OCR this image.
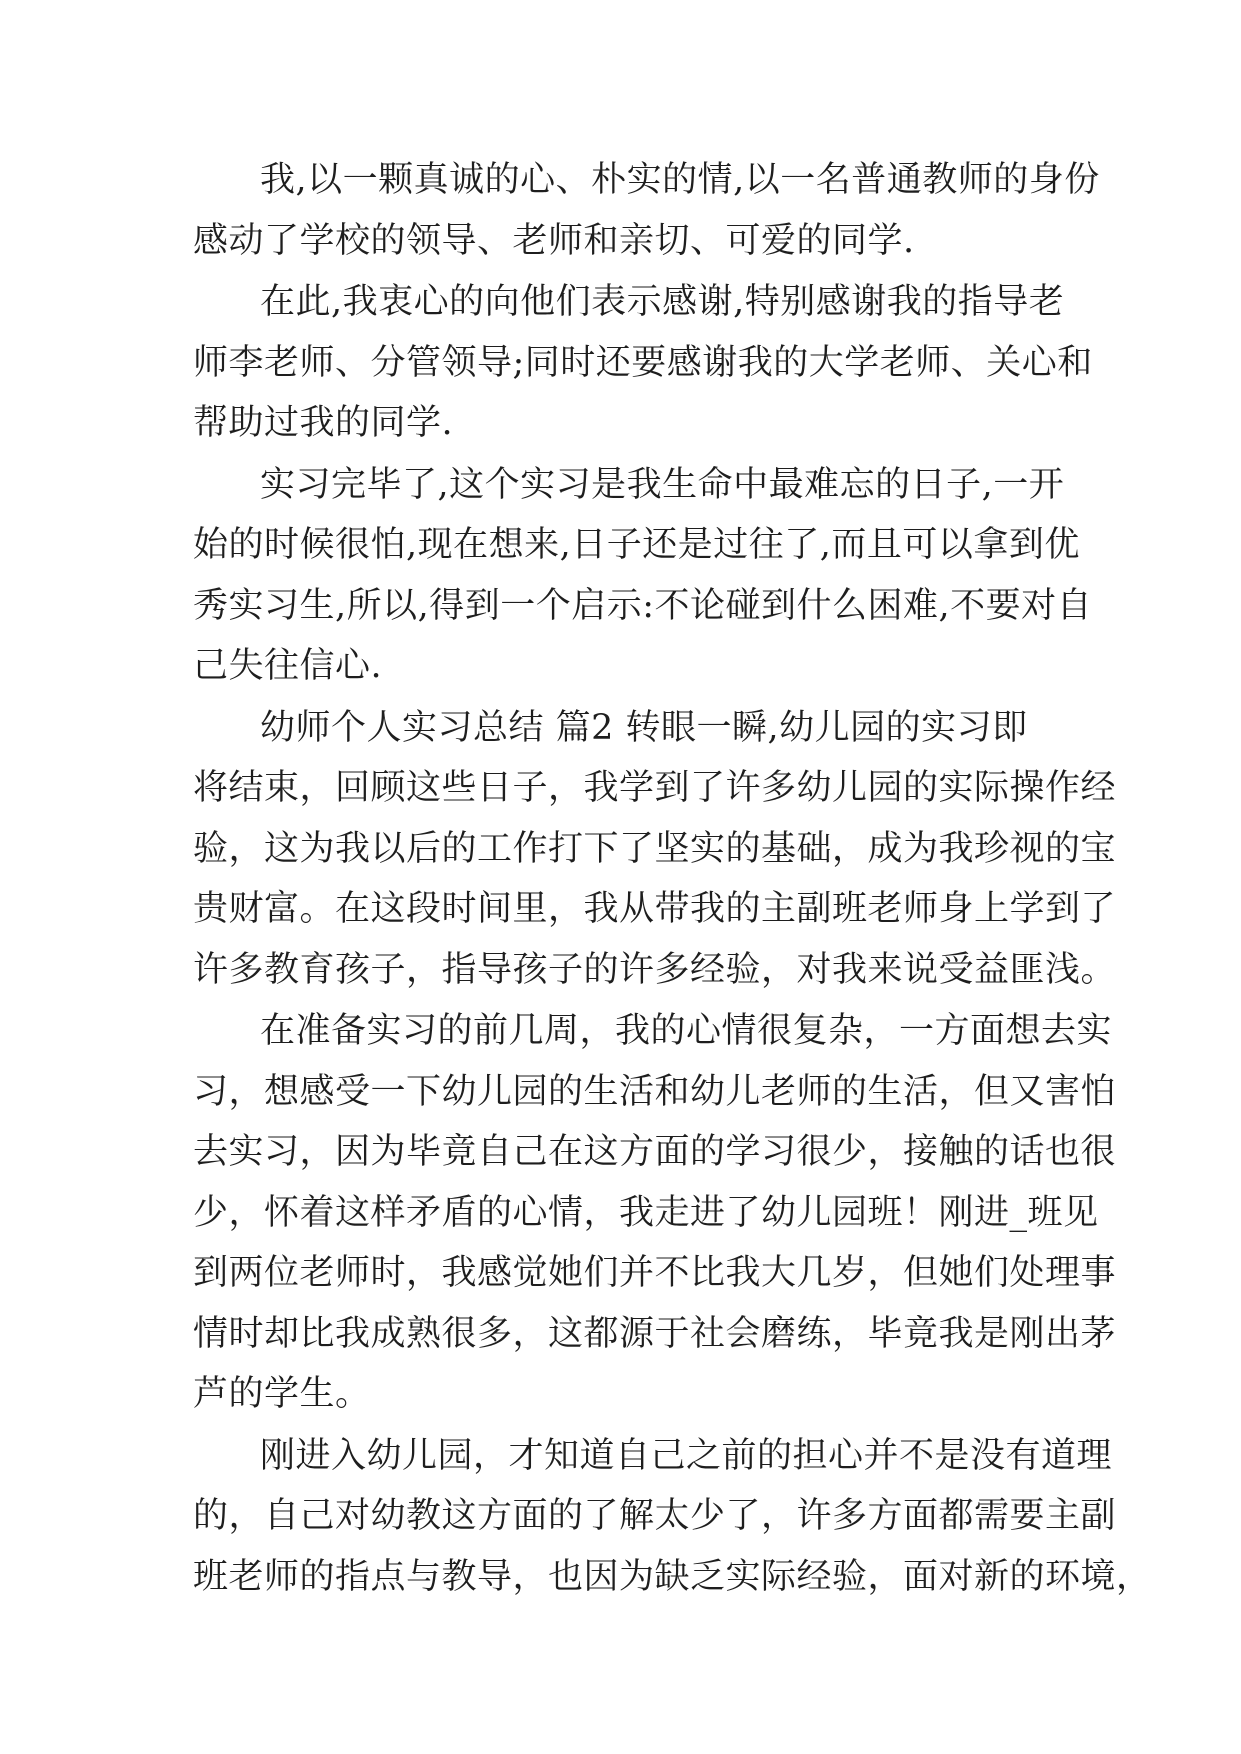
我,以一颗真诚的心、朴实的情,以一名普通教师的身份
感动了学校的领导、老师和亲切、可爱的同学.
在此,我衷心的向他们表示感谢,特别感谢我的指导老
师李老师、分管领导;同时还要感谢我的大学老师、关心和
帮助过我的同学.
实习完毕了,这个实习是我生命中最难忘的日子,一开
始的时候很怕,现在想来,日子还是过往了,而且可以拿到优
秀实习生,所以,得到一个启示:不论碰到什么困难,不要对自
己失往信心.
幼师个人实习总结 篇2 转眼一瞬,幼儿园的实习即
将结束，回顾这些日子，我学到了许多幼儿园的实际操作经
验，这为我以后的工作打下了坚实的基础，成为我珍视的宝
贵财富。在这段时间里，我从带我的主副班老师身上学到了
许多教育孩子，指导孩子的许多经验，对我来说受益匪浅。
在准备实习的前几周，我的心情很复杂，一方面想去实
习，想感受一下幼儿园的生活和幼儿老师的生活，但又害怕
去实习，因为毕竟自己在这方面的学习很少，接触的话也很
少，怀着这样矛盾的心情，我走进了幼儿园班！刚进_班见
到两位老师时，我感觉她们并不比我大几岁，但她们处理事
情时却比我成熟很多，这都源于社会磨练，毕竟我是刚出茅
芦的学生。
刚进入幼儿园，才知道自己之前的担心并不是没有道理
的，自己对幼教这方面的了解太少了，许多方面都需要主副
班老师的指点与教导，也因为缺乏实际经验，面对新的环境，
